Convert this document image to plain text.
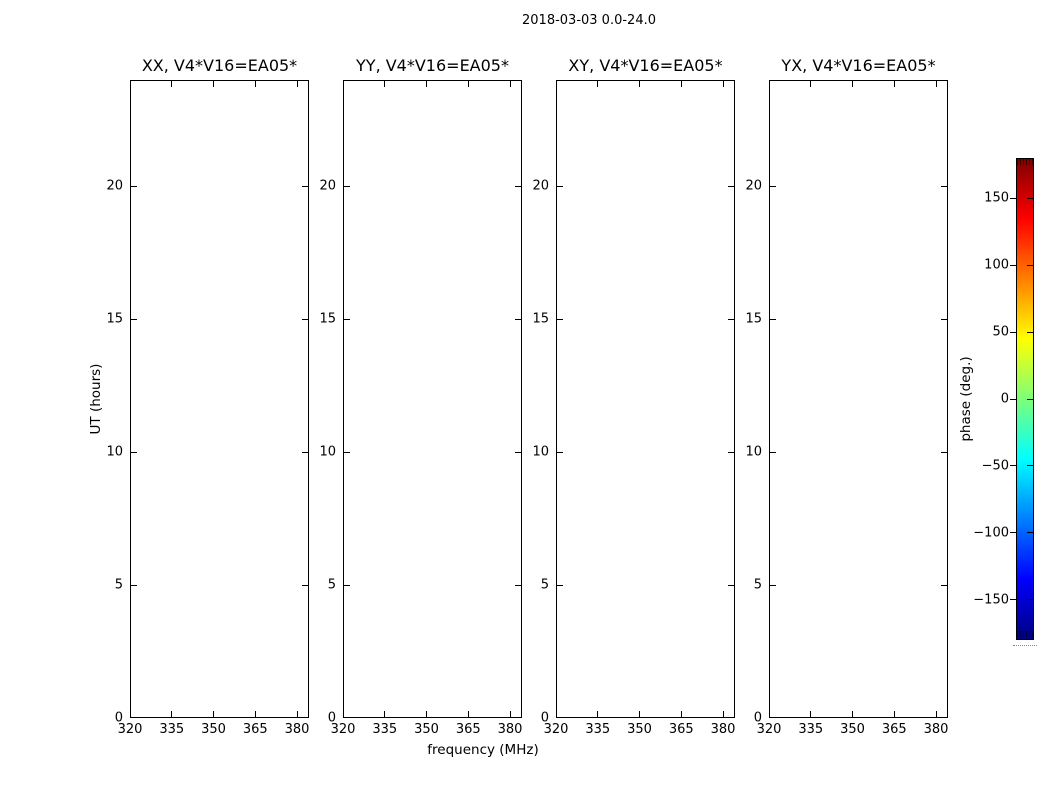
2018-03-03 0.0-24.0
UT (hours)
frequency (MHz)
XX, V4*V16=EA05*
320 335 350 365 380
20
15
10
5
0
YY, V4*V16=EA05*
320 335 350 365 380
20
15
10
5
0
XY, V4*V16=EA05*
320 335 350 365 380
20
15
10
5
0
YX, V4*V16=EA05*
320 335 350 365 380
20
15
10
5
0
150
100
50
0
−50
−100
−150
phase (deg.)
